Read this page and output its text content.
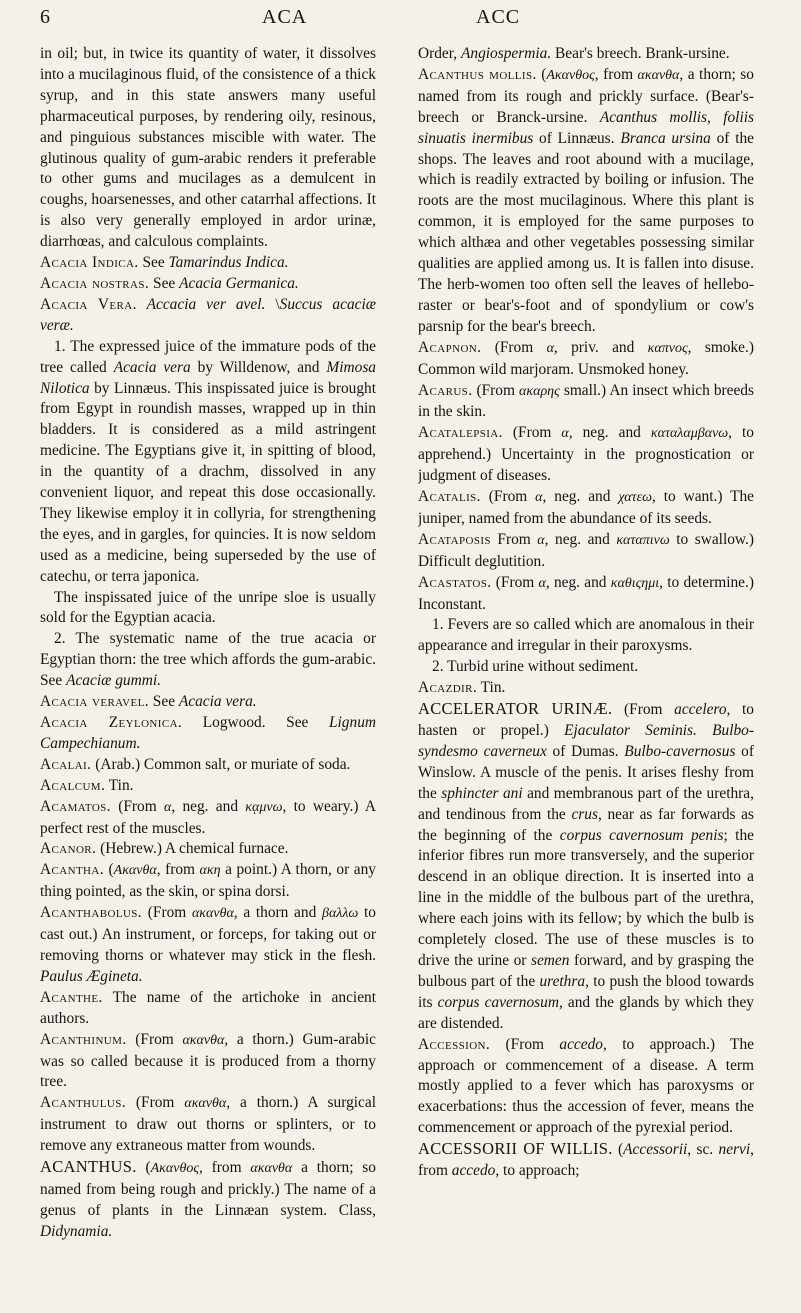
6	ACA	ACC

in oil; but, in twice its quantity of water, it dissolves into a mucilaginous fluid, of the consistence of a thick syrup, and in this state answers many useful pharmaceutical purposes, by rendering oily, resinous, and pinguious substances miscible with water. The glutinous quality of gum-arabic renders it preferable to other gums and mucilages as a demulcent in coughs, hoarsenesses, and other catarrhal affections. It is also very generally employed in ardor urinæ, diarrhœas, and calculous complaints.

Acacia Indica. See Tamarindus Indica.

Acacia nostras. See Acacia Germanica.

Acacia Vera. Accacia ver avel. \Succus acaciæ veræ.

1. The expressed juice of the immature pods of the tree called Acacia vera by Willdenow, and Mimosa Nilotica by Linnæus. This inspissated juice is brought from Egypt in roundish masses, wrapped up in thin bladders. It is considered as a mild astringent medicine. The Egyptians give it, in spitting of blood, in the quantity of a drachm, dissolved in any convenient liquor, and repeat this dose occasionally. They likewise employ it in collyria, for strengthening the eyes, and in gargles, for quincies. It is now seldom used as a medicine, being superseded by the use of catechu, or terra japonica.

The inspissated juice of the unripe sloe is usually sold for the Egyptian acacia.

2. The systematic name of the true acacia or Egyptian thorn: the tree which affords the gum-arabic. See Acaciæ gummi.

Acacia veravel. See Acacia vera.

Acacia Zeylonica. Logwood. See Lignum Campechianum.

Acalai. (Arab.) Common salt, or muriate of soda.

Acalcum. Tin.

Acamatos. (From α, neg. and κᾳμνω, to weary.) A perfect rest of the muscles.

Acanor. (Hebrew.) A chemical furnace.

Acantha. (Ακανθα, from ακη a point.) A thorn, or any thing pointed, as the skin, or spina dorsi.

Acanthabolus. (From ακανθα, a thorn and βαλλω to cast out.) An instrument, or forceps, for taking out or removing thorns or whatever may stick in the flesh. Paulus Ægineta.

Acanthe. The name of the artichoke in ancient authors.

Acanthinum. (From ακανθα, a thorn.) Gum-arabic was so called because it is produced from a thorny tree.

Acanthulus. (From ακανθα, a thorn.) A surgical instrument to draw out thorns or splinters, or to remove any extraneous matter from wounds.

ACANTHUS. (Ακανθος, from ακανθα a thorn; so named from being rough and prickly.) The name of a genus of plants in the Linnæan system. Class, Didynamia.

Order, Angiospermia. Bear's breech. Brank-ursine.

Acanthus mollis. (Ακανθος, from ακανθα, a thorn; so named from its rough and prickly surface. (Bear's-breech or Branck-ursine. Acanthus mollis, foliis sinuatis inermibus of Linnæus. Branca ursina of the shops. The leaves and root abound with a mucilage, which is readily extracted by boiling or infusion. The roots are the most mucilaginous. Where this plant is common, it is employed for the same purposes to which althæa and other vegetables possessing similar qualities are applied among us. It is fallen into disuse. The herb-women too often sell the leaves of hellebo-raster or bear's-foot and of spondylium or cow's parsnip for the bear's breech.

Acapnon. (From α, priv. and καπνος, smoke.) Common wild marjoram. Unsmoked honey.

Acarus. (From ακαρης small.) An insect which breeds in the skin.

Acatalepsia. (From α, neg. and καταλαμβανω, to apprehend.) Uncertainty in the prognostication or judgment of diseases.

Acatalis. (From α, neg. and χατεω, to want.) The juniper, named from the abundance of its seeds.

Acataposis From α, neg. and καταπινω to swallow.) Difficult deglutition.

Acastatos. (From α, neg. and καθιςημι, to determine.) Inconstant.

1. Fevers are so called which are anomalous in their appearance and irregular in their paroxysms.

2. Turbid urine without sediment.

Acazdir. Tin.

ACCELERATOR URINÆ. (From accelero, to hasten or propel.) Ejaculator Seminis. Bulbo-syndesmo caverneux of Dumas. Bulbo-cavernosus of Winslow. A muscle of the penis. It arises fleshy from the sphincter ani and membranous part of the urethra, and tendinous from the crus, near as far forwards as the beginning of the corpus cavernosum penis; the inferior fibres run more transversely, and the superior descend in an oblique direction. It is inserted into a line in the middle of the bulbous part of the urethra, where each joins with its fellow; by which the bulb is completely closed. The use of these muscles is to drive the urine or semen forward, and by grasping the bulbous part of the urethra, to push the blood towards its corpus cavernosum, and the glands by which they are distended.

Accession. (From accedo, to approach.) The approach or commencement of a disease. A term mostly applied to a fever which has paroxysms or exacerbations: thus the accession of fever, means the commencement or approach of the pyrexial period.

ACCESSORII OF WILLIS. (Accessorii, sc. nervi, from accedo, to approach;
